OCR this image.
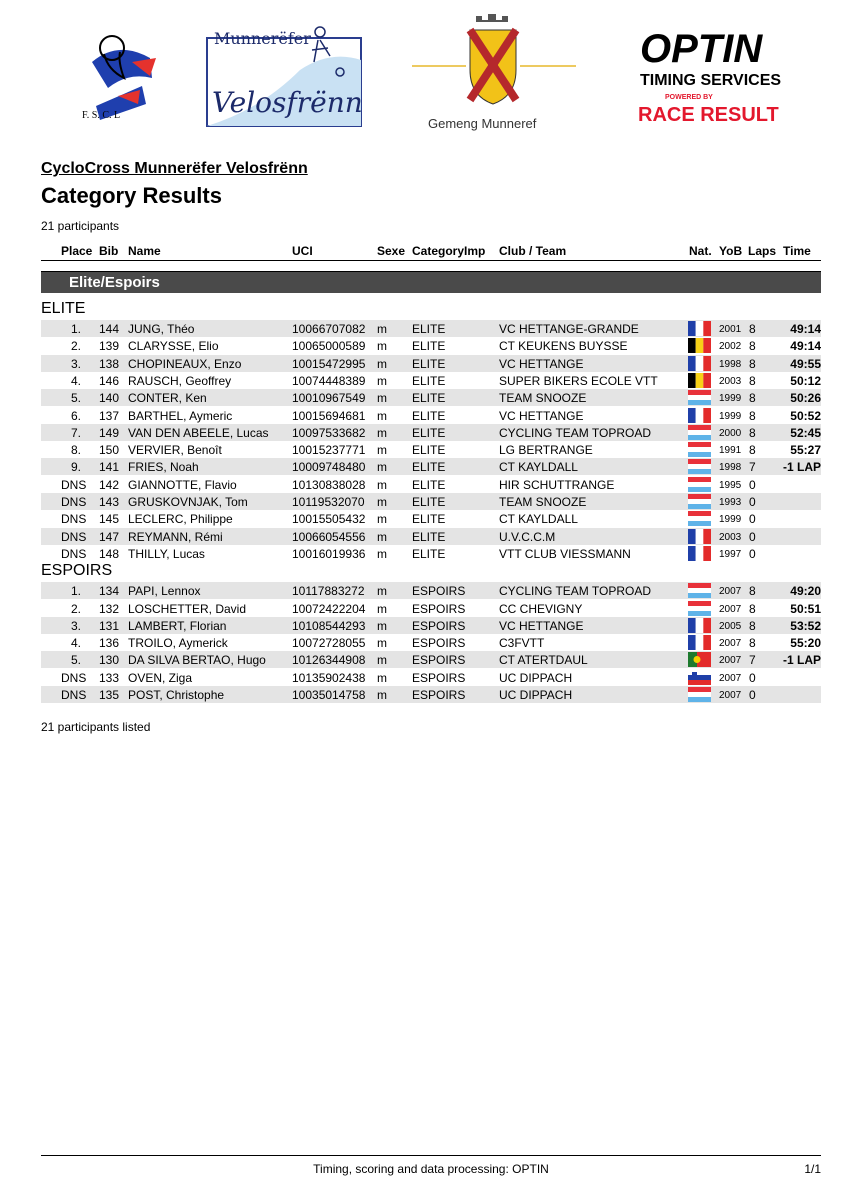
F. S. C. L
Munnerëfer
Velosfrënn
Gemeng Munneref
OPTIN
TIMING SERVICES
POWERED BY
RACE RESULT
CycloCross Munnerëfer Velosfrënn
Category Results
21 participants
Place Bib Name	UCI	Sexe CategoryImp Club / Team	Nat. YoB Laps Time
Elite/Espoirs
ELITE
1. 144 JUNG, Théo	10066707082 m ELITE	VC HETTANGE-GRANDE	2001 8	49:14
2. 139 CLARYSSE, Elio	10065000589 m ELITE	CT KEUKENS BUYSSE	2002 8	49:14
3. 138 CHOPINEAUX, Enzo	10015472995 m ELITE	VC HETTANGE	1998 8	49:55
4. 146 RAUSCH, Geoffrey	10074448389 m ELITE	SUPER BIKERS ECOLE VTT	2003 8	50:12
5. 140 CONTER, Ken	10010967549 m ELITE	TEAM SNOOZE	1999 8	50:26
6. 137 BARTHEL, Aymeric	10015694681 m ELITE	VC HETTANGE	1999 8	50:52
7. 149 VAN DEN ABEELE, Lucas 10097533682 m ELITE	CYCLING TEAM TOPROAD	2000 8	52:45
8. 150 VERVIER, Benoît	10015237771 m ELITE	LG BERTRANGE	1991 8	55:27
9. 141 FRIES, Noah	10009748480 m ELITE	CT KAYLDALL	1998 7	-1 LAP
DNS	142 GIANNOTTE, Flavio	10130838028 m ELITE	HIR SCHUTTRANGE	1995 0
DNS	143 GRUSKOVNJAK, Tom	10119532070 m ELITE	TEAM SNOOZE	1993 0
DNS	145 LECLERC, Philippe	10015505432 m ELITE	CT KAYLDALL	1999 0
DNS	147 REYMANN, Rémi	10066054556 m ELITE	U.V.C.C.M	2003 0
DNS	148 THILLY, Lucas	10016019936 m ELITE	VTT CLUB VIESSMANN	1997 0
ESPOIRS
1. 134 PAPI, Lennox	10117883272 m ESPOIRS	CYCLING TEAM TOPROAD	2007 8	49:20
2. 132 LOSCHETTER, David	10072422204 m ESPOIRS	CC CHEVIGNY	2007 8	50:51
3. 131 LAMBERT, Florian	10108544293 m ESPOIRS	VC HETTANGE	2005 8	53:52
4. 136 TROILO, Aymerick	10072728055 m ESPOIRS	C3FVTT	2007 8	55:20
5. 130 DA SILVA BERTAO, Hugo 10126344908 m ESPOIRS	CT ATERTDAUL	2007 7	-1 LAP
DNS	133 OVEN, Ziga	10135902438 m ESPOIRS	UC DIPPACH	2007 0
DNS	135 POST, Christophe	10035014758 m ESPOIRS	UC DIPPACH	2007 0
21 participants listed
Timing, scoring and data processing: OPTIN	1/1
